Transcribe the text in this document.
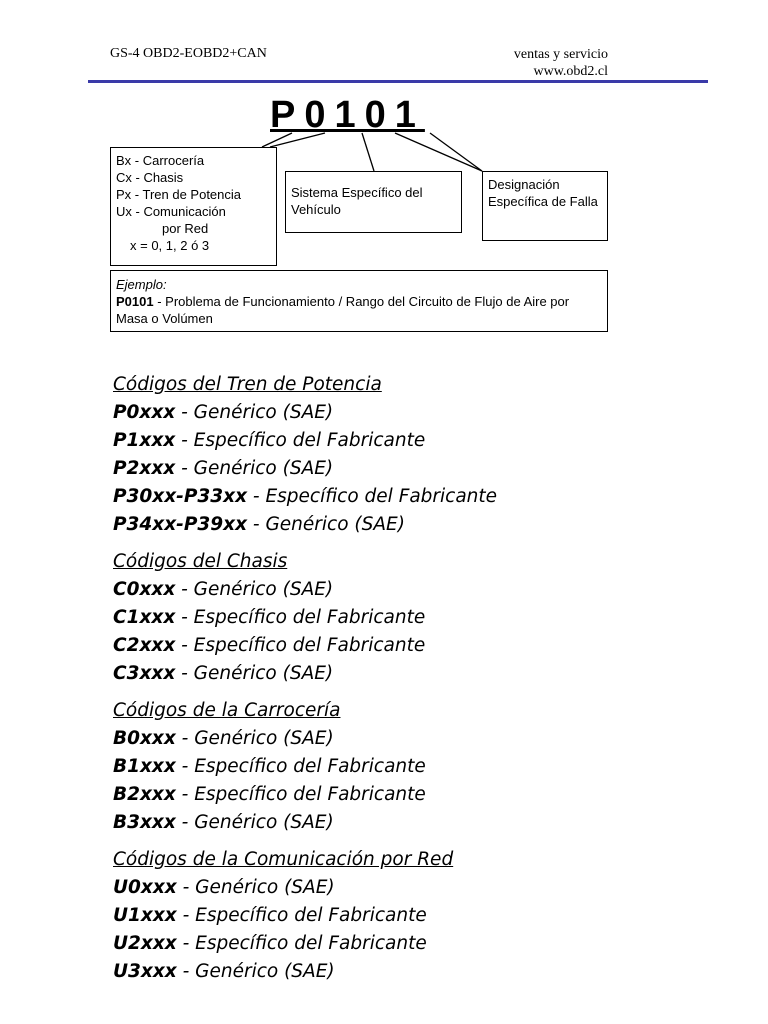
GS-4 OBD2-EOBD2+CAN	ventas y servicio
www.obd2.cl
P0101
Bx - Carrocería
Cx - Chasis
Px - Tren de Potencia
Ux - Comunicación
por Red
x = 0, 1, 2 ó 3
Sistema Específico del Vehículo
Designación Específica de Falla
Ejemplo:
P0101 - Problema de Funcionamiento / Rango del Circuito de Flujo de Aire por Masa o Volúmen
Códigos del Tren de Potencia
P0xxx - Genérico (SAE)
P1xxx - Específico del Fabricante
P2xxx - Genérico (SAE)
P30xx-P33xx - Específico del Fabricante
P34xx-P39xx - Genérico (SAE)
Códigos del Chasis
C0xxx - Genérico (SAE)
C1xxx - Específico del Fabricante
C2xxx - Específico del Fabricante
C3xxx - Genérico (SAE)
Códigos de la Carrocería
B0xxx - Genérico (SAE)
B1xxx - Específico del Fabricante
B2xxx - Específico del Fabricante
B3xxx - Genérico (SAE)
Códigos de la Comunicación por Red
U0xxx - Genérico (SAE)
U1xxx - Específico del Fabricante
U2xxx - Específico del Fabricante
U3xxx - Genérico (SAE)
